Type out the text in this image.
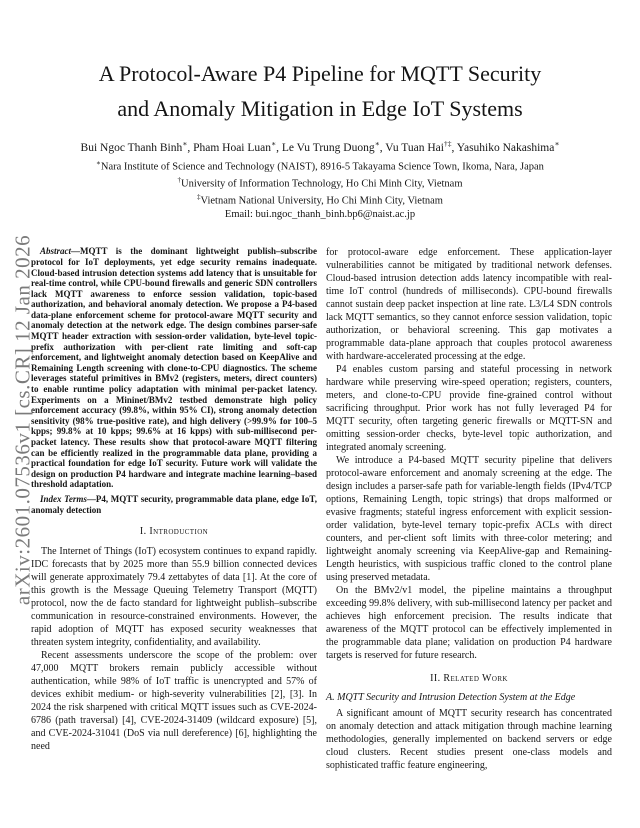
arXiv:2601.07536v1 [cs.CR] 12 Jan 2026
A Protocol-Aware P4 Pipeline for MQTT Security
and Anomaly Mitigation in Edge IoT Systems
Bui Ngoc Thanh Binh∗, Pham Hoai Luan∗, Le Vu Trung Duong∗, Vu Tuan Hai†‡, Yasuhiko Nakashima∗
∗Nara Institute of Science and Technology (NAIST), 8916-5 Takayama Science Town, Ikoma, Nara, Japan
†University of Information Technology, Ho Chi Minh City, Vietnam
‡Vietnam National University, Ho Chi Minh City, Vietnam
Email: bui.ngoc_thanh_binh.bp6@naist.ac.jp

Abstract—MQTT is the dominant lightweight publish–subscribe protocol for IoT deployments, yet edge security remains inadequate. Cloud-based intrusion detection systems add latency that is unsuitable for real-time control, while CPU-bound firewalls and generic SDN controllers lack MQTT awareness to enforce session validation, topic-based authorization, and behavioral anomaly detection. We propose a P4-based data-plane enforcement scheme for protocol-aware MQTT security and anomaly detection at the network edge. The design combines parser-safe MQTT header extraction with session-order validation, byte-level topic-prefix authorization with per-client rate limiting and soft-cap enforcement, and lightweight anomaly detection based on KeepAlive and Remaining Length screening with clone-to-CPU diagnostics. The scheme leverages stateful primitives in BMv2 (registers, meters, direct counters) to enable runtime policy adaptation with minimal per-packet latency. Experiments on a Mininet/BMv2 testbed demonstrate high policy enforcement accuracy (99.8%, within 95% CI), strong anomaly detection sensitivity (98% true-positive rate), and high delivery (>99.9% for 100–5 kpps; 99.8% at 10 kpps; 99.6% at 16 kpps) with sub-millisecond per-packet latency. These results show that protocol-aware MQTT filtering can be efficiently realized in the programmable data plane, providing a practical foundation for edge IoT security. Future work will validate the design on production P4 hardware and integrate machine learning–based threshold adaptation.

Index Terms—P4, MQTT security, programmable data plane, edge IoT, anomaly detection

I. Introduction

The Internet of Things (IoT) ecosystem continues to expand rapidly. IDC forecasts that by 2025 more than 55.9 billion connected devices will generate approximately 79.4 zettabytes of data [1]. At the core of this growth is the Message Queuing Telemetry Transport (MQTT) protocol, now the de facto standard for lightweight publish–subscribe communication in resource-constrained environments. However, the rapid adoption of MQTT has exposed security weaknesses that threaten system integrity, confidentiality, and availability.

Recent assessments underscore the scope of the problem: over 47,000 MQTT brokers remain publicly accessible without authentication, while 98% of IoT traffic is unencrypted and 57% of devices exhibit medium- or high-severity vulnerabilities [2], [3]. In 2024 the risk sharpened with critical MQTT issues such as CVE-2024-6786 (path traversal) [4], CVE-2024-31409 (wildcard exposure) [5], and CVE-2024-31041 (DoS via null dereference) [6], highlighting the need

for protocol-aware edge enforcement. These application-layer vulnerabilities cannot be mitigated by traditional network defenses. Cloud-based intrusion detection adds latency incompatible with real-time IoT control (hundreds of milliseconds). CPU-bound firewalls cannot sustain deep packet inspection at line rate. L3/L4 SDN controls lack MQTT semantics, so they cannot enforce session validation, topic authorization, or behavioral screening. This gap motivates a programmable data-plane approach that couples protocol awareness with hardware-accelerated processing at the edge.

P4 enables custom parsing and stateful processing in network hardware while preserving wire-speed operation; registers, counters, meters, and clone-to-CPU provide fine-grained control without sacrificing throughput. Prior work has not fully leveraged P4 for MQTT security, often targeting generic firewalls or MQTT-SN and omitting session-order checks, byte-level topic authorization, and integrated anomaly screening.

We introduce a P4-based MQTT security pipeline that delivers protocol-aware enforcement and anomaly screening at the edge. The design includes a parser-safe path for variable-length fields (IPv4/TCP options, Remaining Length, topic strings) that drops malformed or evasive fragments; stateful ingress enforcement with explicit session-order validation, byte-level ternary topic-prefix ACLs with direct counters, and per-client soft limits with three-color metering; and lightweight anomaly screening via KeepAlive-gap and Remaining-Length heuristics, with suspicious traffic cloned to the control plane using preserved metadata.

On the BMv2/v1 model, the pipeline maintains a throughput exceeding 99.8% delivery, with sub-millisecond latency per packet and achieves high enforcement precision. The results indicate that awareness of the MQTT protocol can be effectively implemented in the programmable data plane; validation on production P4 hardware targets is reserved for future research.

II. Related Work
A. MQTT Security and Intrusion Detection System at the Edge

A significant amount of MQTT security research has concentrated on anomaly detection and attack mitigation through machine learning methodologies, generally implemented on backend servers or edge cloud clusters. Recent studies present one-class models and sophisticated traffic feature engineering,
